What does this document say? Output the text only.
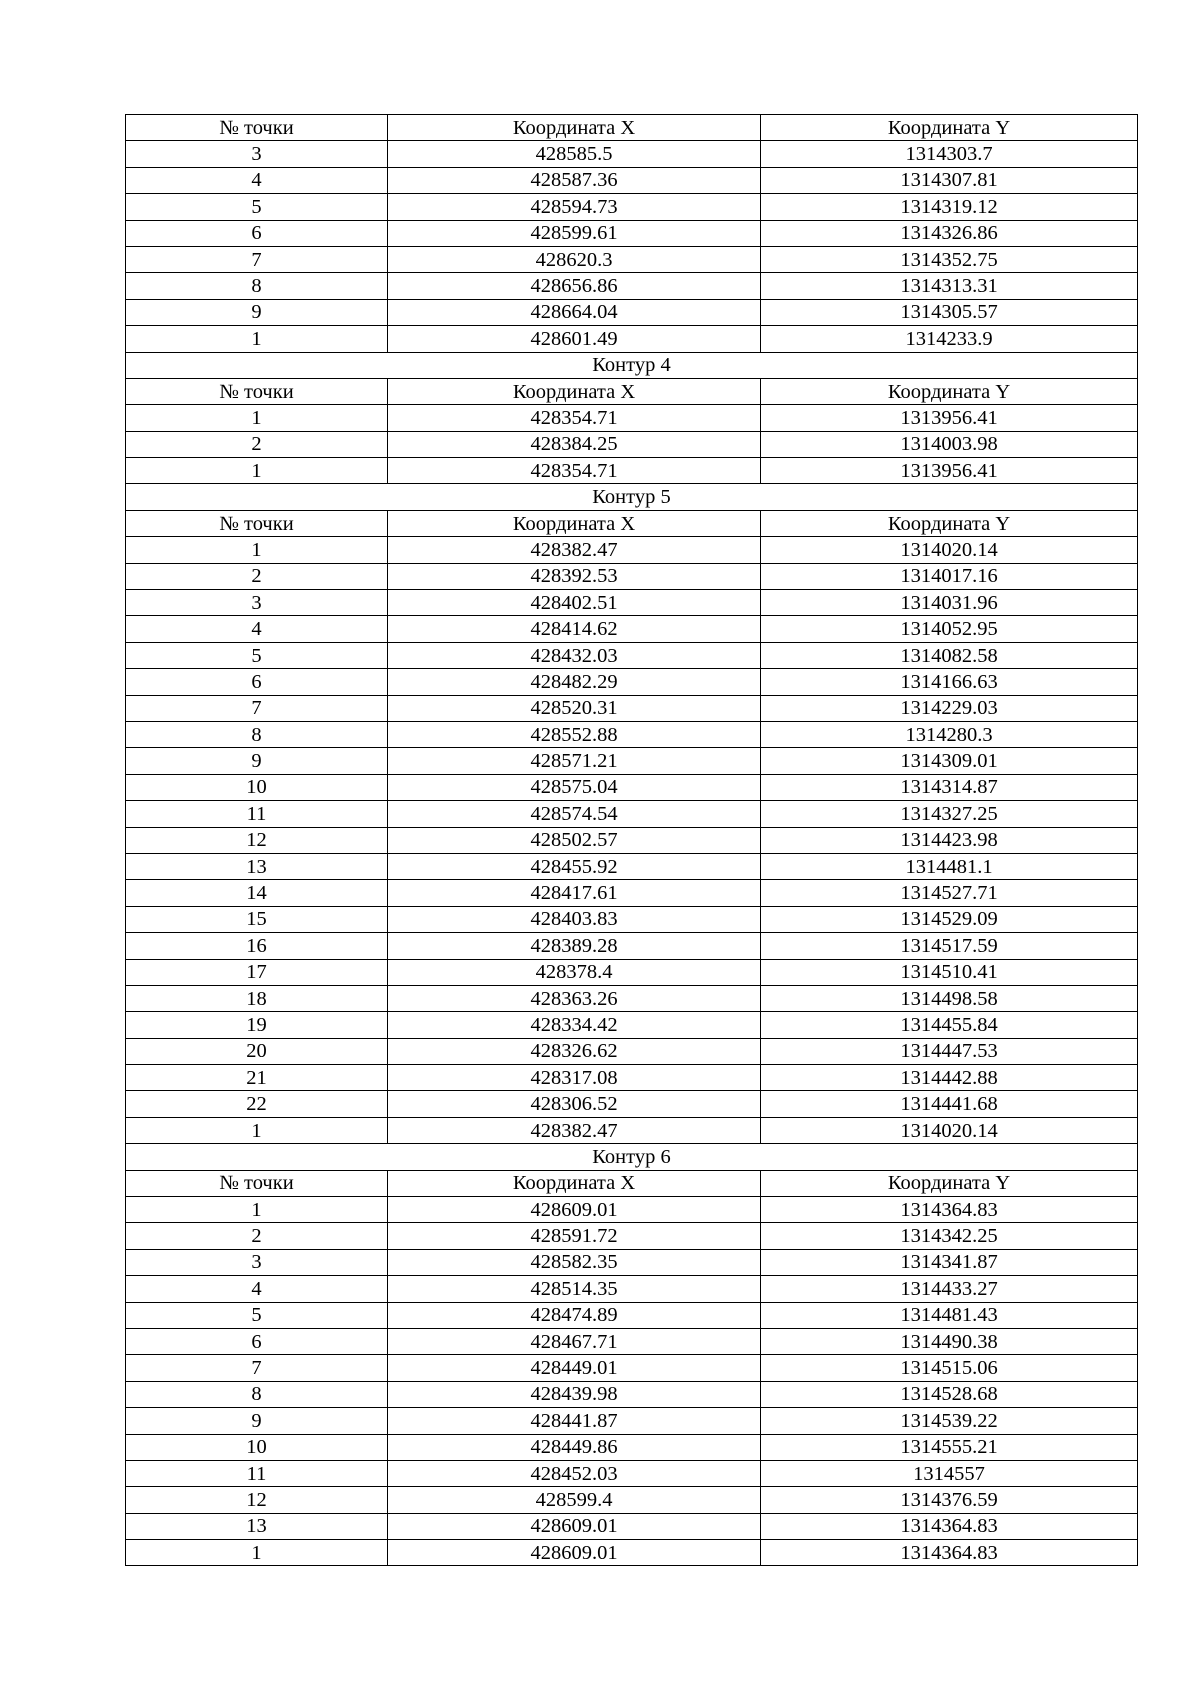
№ точки	Координата X	Координата Y
3	428585.5	1314303.7
4	428587.36	1314307.81
5	428594.73	1314319.12
6	428599.61	1314326.86
7	428620.3	1314352.75
8	428656.86	1314313.31
9	428664.04	1314305.57
1	428601.49	1314233.9
Контур 4		
№ точки	Координата X	Координата Y
1	428354.71	1313956.41
2	428384.25	1314003.98
1	428354.71	1313956.41
Контур 5		
№ точки	Координата X	Координата Y
1	428382.47	1314020.14
2	428392.53	1314017.16
3	428402.51	1314031.96
4	428414.62	1314052.95
5	428432.03	1314082.58
6	428482.29	1314166.63
7	428520.31	1314229.03
8	428552.88	1314280.3
9	428571.21	1314309.01
10	428575.04	1314314.87
11	428574.54	1314327.25
12	428502.57	1314423.98
13	428455.92	1314481.1
14	428417.61	1314527.71
15	428403.83	1314529.09
16	428389.28	1314517.59
17	428378.4	1314510.41
18	428363.26	1314498.58
19	428334.42	1314455.84
20	428326.62	1314447.53
21	428317.08	1314442.88
22	428306.52	1314441.68
1	428382.47	1314020.14
Контур 6		
№ точки	Координата X	Координата Y
1	428609.01	1314364.83
2	428591.72	1314342.25
3	428582.35	1314341.87
4	428514.35	1314433.27
5	428474.89	1314481.43
6	428467.71	1314490.38
7	428449.01	1314515.06
8	428439.98	1314528.68
9	428441.87	1314539.22
10	428449.86	1314555.21
11	428452.03	1314557
12	428599.4	1314376.59
13	428609.01	1314364.83
1	428609.01	1314364.83
